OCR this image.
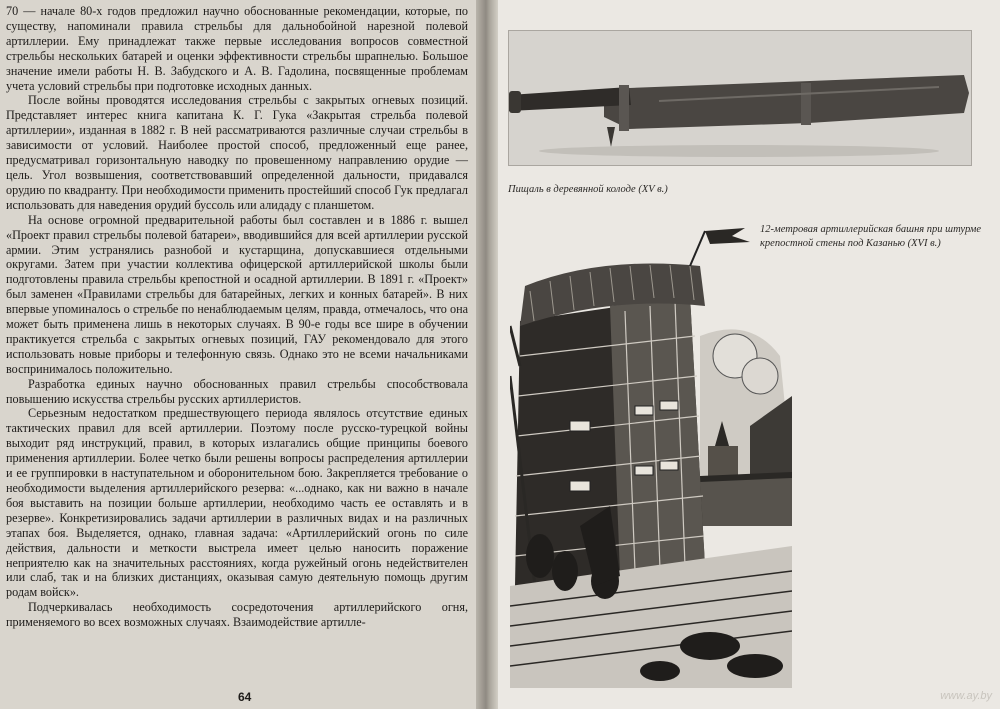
70 — начале 80-х годов предложил научно обоснованные рекомендации, которые, по существу, напоминали правила стрельбы для дальнобойной нарезной полевой артиллерии. Ему принадлежат также первые исследования вопросов совместной стрельбы нескольких батарей и оценки эффективности стрельбы шрапнелью. Большое значение имели работы Н. В. Забудского и А. В. Гадолина, посвященные проблемам учета условий стрельбы при подготовке исходных данных.

После войны проводятся исследования стрельбы с закрытых огневых позиций. Представляет интерес книга капитана К. Г. Гука «Закрытая стрельба полевой артиллерии», изданная в 1882 г. В ней рассматриваются различные случаи стрельбы в зависимости от условий. Наиболее простой способ, предложенный еще ранее, предусматривал горизонтальную наводку по провешенному направлению орудие — цель. Угол возвышения, соответствовавший определенной дальности, придавался орудию по квадранту. При необходимости применить простейший способ Гук предлагал использовать для наведения орудий буссоль или алидаду с планшетом.

На основе огромной предварительной работы был составлен и в 1886 г. вышел «Проект правил стрельбы полевой батареи», вводившийся для всей артиллерии русской армии. Этим устранялись разнобой и кустарщина, допускавшиеся отдельными округами. Затем при участии коллектива офицерской артиллерийской школы были подготовлены правила стрельбы крепостной и осадной артиллерии. В 1891 г. «Проект» был заменен «Правилами стрельбы для батарейных, легких и конных батарей». В них впервые упоминалось о стрельбе по ненаблюдаемым целям, правда, отмечалось, что она может быть применена лишь в некоторых случаях. В 90-е годы все шире в обучении практикуется стрельба с закрытых огневых позиций, ГАУ рекомендовало для этого использовать новые приборы и телефонную связь. Однако это не всеми начальниками воспринималось положительно.

Разработка единых научно обоснованных правил стрельбы способствовала повышению искусства стрельбы русских артиллеристов.

Серьезным недостатком предшествующего периода являлось отсутствие единых тактических правил для всей артиллерии. Поэтому после русско-турецкой войны выходит ряд инструкций, правил, в которых излагались общие принципы боевого применения артиллерии. Более четко были решены вопросы распределения артиллерии и ее группировки в наступательном и оборонительном бою. Закрепляется требование о необходимости выделения артиллерийского резерва: «...однако, как ни важно в начале боя выставить на позиции больше артиллерии, необходимо часть ее оставлять и в резерве». Конкретизировались задачи артиллерии в различных видах и на различных этапах боя. Выделяется, однако, главная задача: «Артиллерийский огонь по силе действия, дальности и меткости выстрела имеет целью наносить поражение неприятелю как на значительных расстояниях, когда ружейный огонь недействителен или слаб, так и на близких дистанциях, оказывая самую деятельную помощь другим родам войск».

Подчеркивалась необходимость сосредоточения артиллерийского огня, применяемого во всех возможных случаях. Взаимодействие артилле-

64
Пищаль в деревянной колоде (XV в.)
12-метровая артиллерийская башня при штурме крепостной стены под Казанью (XVI в.)
www.ay.by
